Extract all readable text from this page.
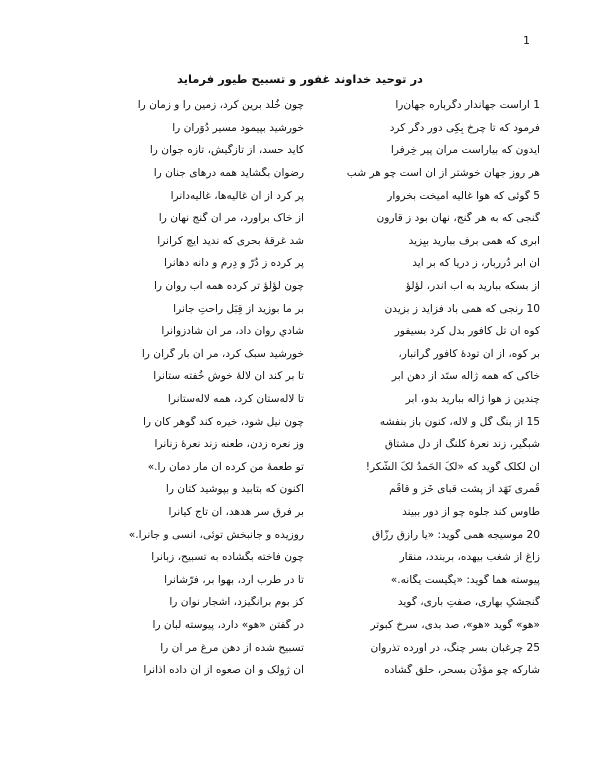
1
در توحید خداوند غفور و تسبیح طیور فرماید
1 آراست جهاندار دگرباره جهان‌را
چون خُلد برین کرد، زمین را و زمان را
فرمود که تا چرخ بِکِی دور دگر کرد
خورشید بپیمود مسیر دُوَران را
ایدون که بیاراست مرآن پیر خِرفرا
کاید حسد، از تازگیش، تازه جوان را
هر روز جهان خوشتر از آن است چو هر شب
رضوان بگشاید همه درهای جنان را
5 گوئی که هوا غالیه آمیخت بخروار
پر کرد از آن غالیه‌ها، غالیه‌دانرا
گنجی که به هر گُنج، نهان بود ز قارون
از خاک برآورد، مر آن گنج نهان را
ابری که همی برف ببارید بیِزید
شد غرقهٔ بحری که ندید ایچ کرانرا
آن ابر دُرربار، ز دریا که بر آید
پر کرده ز دُرّ و دِرم و دانه دهانرا
از بسکه ببارید به آب اندر، لؤلؤ
چون لؤلؤ تر کرده همه آب روان را
10 رنجی که همی باد فزاید ز بزیدن
بر ما بوزید از قِبَلِ راحتِ جانرا
کوه آن تل کافور بدل کرد بسیفور
شادیِ روان داد، مر آن شادزوانرا
بر کوه، از آن تودهٔ کافورِ گرانبار،
خورشید سبک کرد، مر آن بار گران را
خاکی که همه ژاله ستَد از دهن ابر
تا بر کند آن لالهٔ خوش خُفته ستانرا
چندین ز هوا ژاله ببارید بدو، ابر
تا لاله‌ستان کرد، همه لاله‌ستانرا
15 از بنگ گل و لاله، کنون باز بنفشه
چون نیل شود، خیره کند گوهر کان را
شبگیر، زند نعرهٔ کلنگ از دل مشتاق
وز نعره زدن، طعنه زند نعرهٔ زنانرا
آن لکلک گوید که «لکَ الحَمدُ لکَ الشُّکر!
تو طعمهٔ من کرده آن مار دمان را.»
قُمری نَهَد از پشت قبای خَز و قاقُم
اکنون که بتابید و بپوشید کتان را
طاوس کند جلوه چو از دور ببیند
بر فرقِ سر هدهد، آن تاجِ کیانرا
20 موسیجه همی گوید: «یا رازِقِ رزّاق
روزیده و جانبخش توئی، انسی و جانرا.»
زاغ از شغب بیهده، بربندد، منقار
چون فاخته بگشاده به تسبیح، زبانرا
پیوسته هما گوید: «یگیست یگانه.»
تا در طرب آرد، بهوا بر، فرّشانرا
گنجشکِ بهاری، صفتِ باری، گوید
کز بوم برانگیزد، اشجار نوان را
«هو» گوید «هو»، صد بدی، سرخ کبوتر
در گفتنِ «هو» دارد، پیوسته لبان را
25 چرغبان بسر چنگ، در آورده تذروان
تسبیح شده از دهن مرغ مر آن را
شارکه چو مؤذّن بسحر، حلق گشاده
آن ژولک و آن صعوه از آن داده اذانرا
